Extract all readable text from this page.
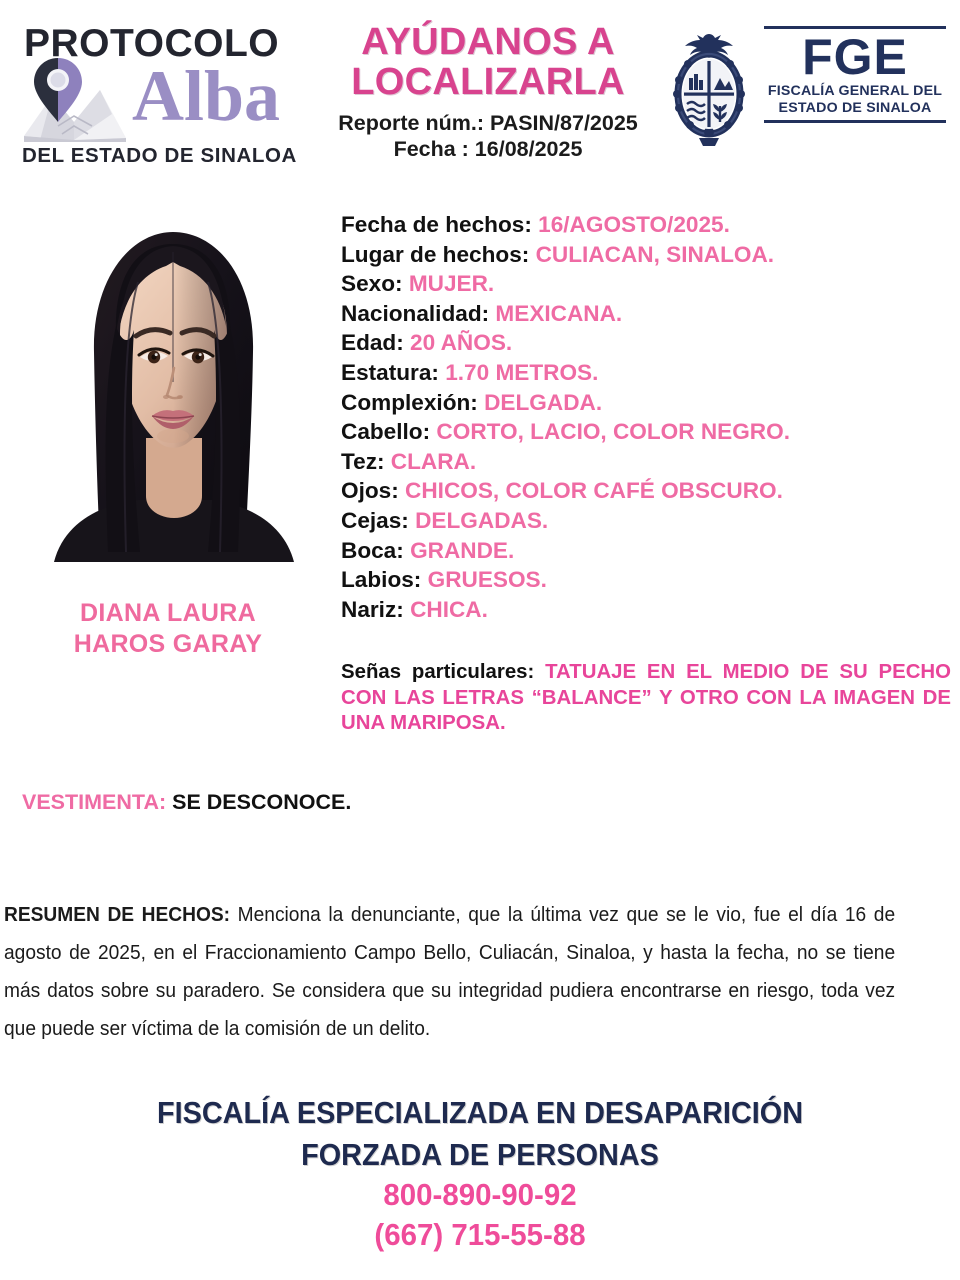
PROTOCOLO
Alba
DEL ESTADO DE SINALOA
AYÚDANOS A
LOCALIZARLA
Reporte núm.: PASIN/87/2025
Fecha : 16/08/2025
FGE
FISCALÍA GENERAL DEL
ESTADO DE SINALOA
DIANA LAURA
HAROS GARAY
Fecha de hechos: 16/AGOSTO/2025.
Lugar de hechos: CULIACAN, SINALOA.
Sexo: MUJER.
Nacionalidad: MEXICANA.
Edad: 20 AÑOS.
Estatura: 1.70 METROS.
Complexión: DELGADA.
Cabello: CORTO, LACIO, COLOR NEGRO.
Tez: CLARA.
Ojos: CHICOS, COLOR CAFÉ OBSCURO.
Cejas: DELGADAS.
Boca: GRANDE.
Labios: GRUESOS.
Nariz: CHICA.
Señas particulares: TATUAJE EN EL MEDIO DE SU PECHO CON LAS LETRAS “BALANCE” Y OTRO CON LA IMAGEN DE UNA MARIPOSA.
VESTIMENTA: SE DESCONOCE.
RESUMEN DE HECHOS: Menciona la denunciante, que la última vez que se le vio, fue el día 16 de agosto de 2025, en el Fraccionamiento Campo Bello, Culiacán, Sinaloa, y hasta la fecha, no se tiene más datos sobre su paradero. Se considera que su integridad pudiera encontrarse en riesgo, toda vez que puede ser víctima de la comisión de un delito.
FISCALÍA ESPECIALIZADA EN DESAPARICIÓN
FORZADA DE PERSONAS
800-890-90-92
(667) 715-55-88
